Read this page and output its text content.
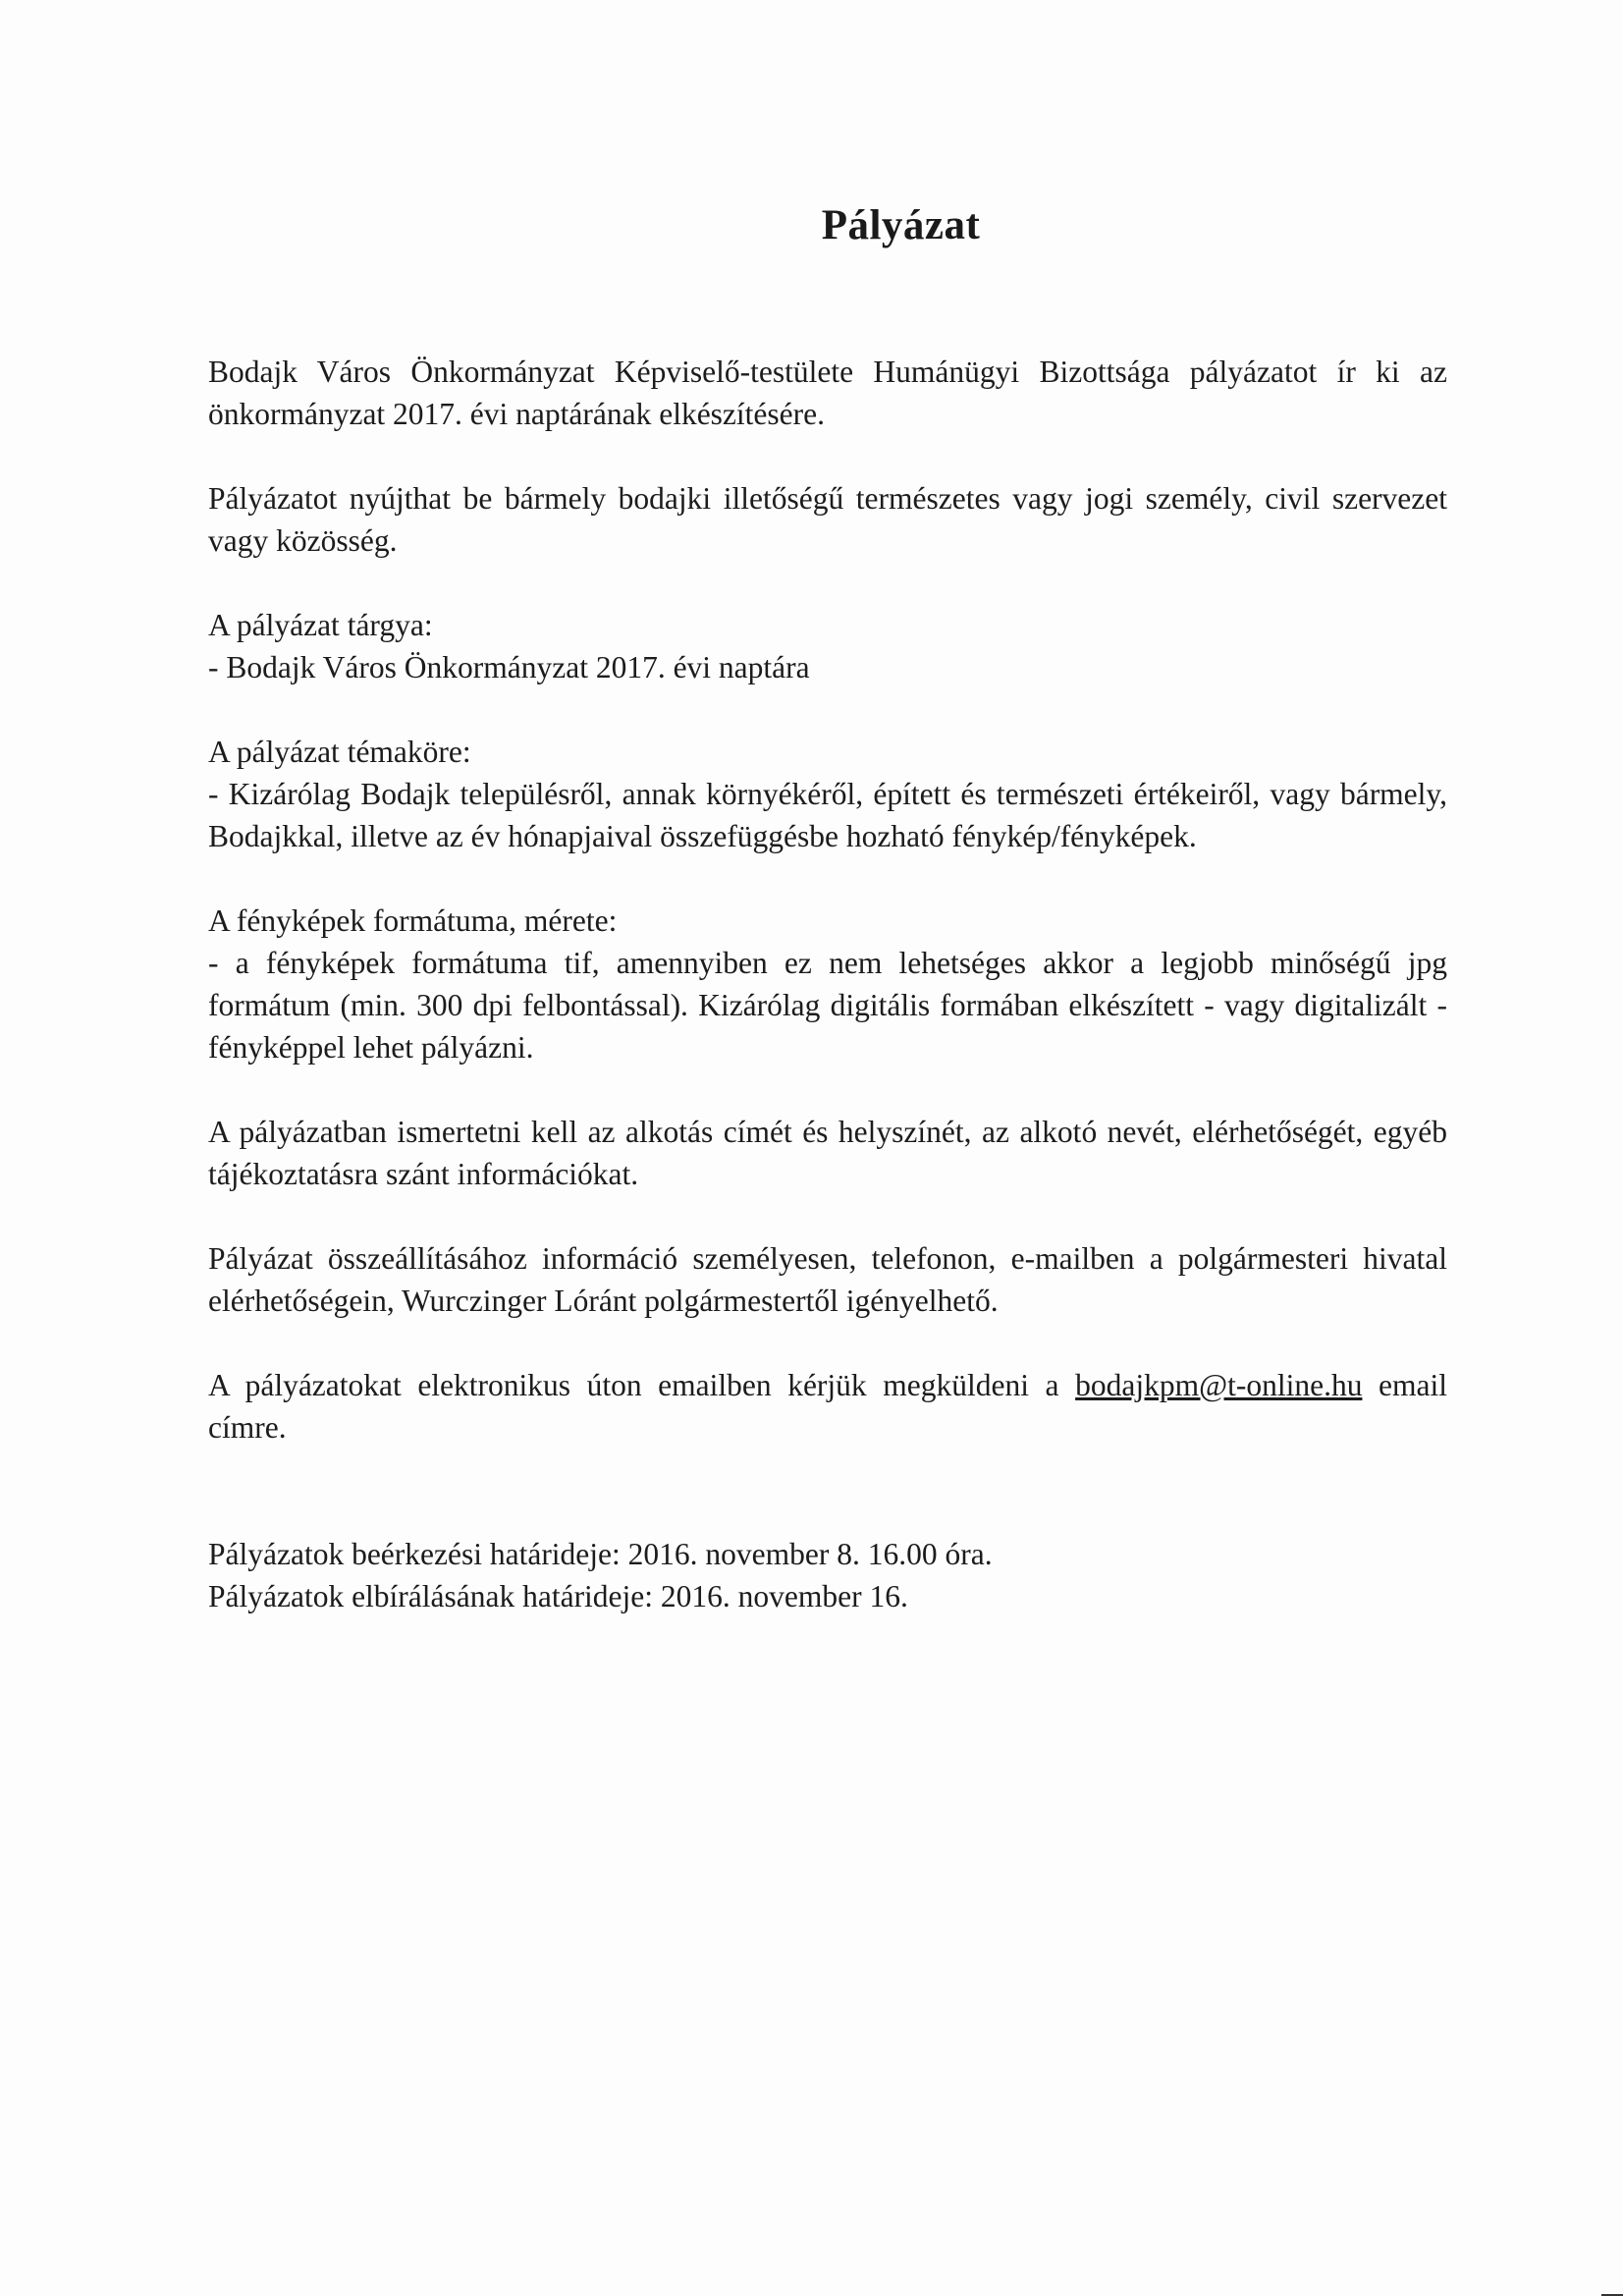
Pályázat

Bodajk Város Önkormányzat Képviselő-testülete Humánügyi Bizottsága pályázatot ír ki az önkormányzat 2017. évi naptárának elkészítésére.

Pályázatot nyújthat be bármely bodajki illetőségű természetes vagy jogi személy, civil szervezet vagy közösség.

A pályázat tárgya:
- Bodajk Város Önkormányzat 2017. évi naptára
A pályázat témaköre:
- Kizárólag Bodajk településről, annak környékéről, épített és természeti értékeiről, vagy bármely, Bodajkkal, illetve az év hónapjaival összefüggésbe hozható fénykép/fényképek.
A fényképek formátuma, mérete:
- a fényképek formátuma tif, amennyiben ez nem lehetséges akkor a legjobb minőségű jpg formátum (min. 300 dpi felbontással). Kizárólag digitális formában elkészített - vagy digitalizált - fényképpel lehet pályázni.

A pályázatban ismertetni kell az alkotás címét és helyszínét, az alkotó nevét, elérhetőségét, egyéb tájékoztatásra szánt információkat.

Pályázat összeállításához információ személyesen, telefonon, e-mailben a polgármesteri hivatal elérhetőségein, Wurczinger Lóránt polgármestertől igényelhető.

A pályázatokat elektronikus úton emailben kérjük megküldeni a bodajkpm@t-online.hu email címre.

Pályázatok beérkezési határideje: 2016. november 8. 16.00 óra.
Pályázatok elbírálásának határideje: 2016. november 16.
